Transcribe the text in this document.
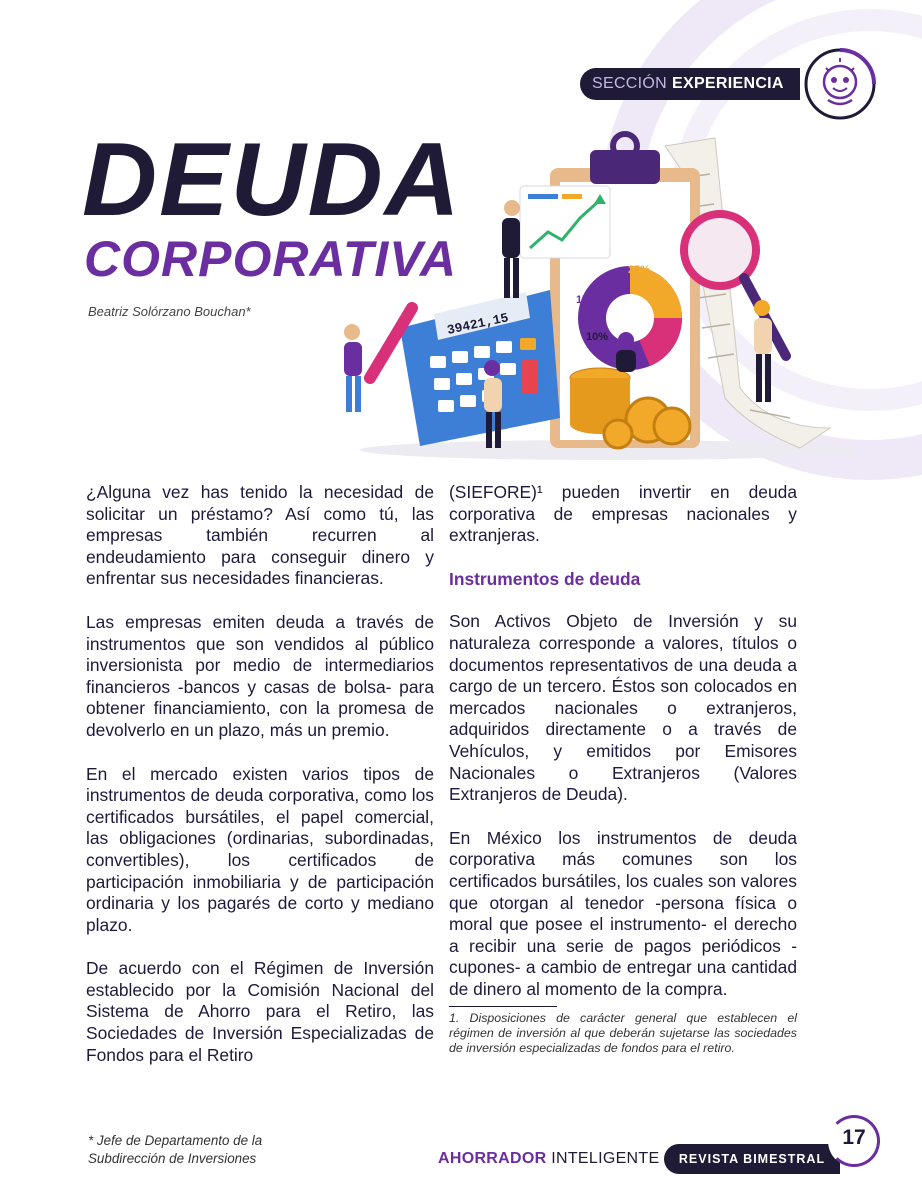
SECCIÓN EXPERIENCIA
DEUDA
CORPORATIVA
Beatriz Solórzano Bouchan*
17%
25%
10%
39421,15

¿Alguna vez has tenido la necesidad de solicitar un préstamo? Así como tú, las empresas también recurren al endeudamiento para conseguir dinero y enfrentar sus necesidades financieras.

Las empresas emiten deuda a través de instrumentos que son vendidos al público inversionista por medio de intermediarios financieros -bancos y casas de bolsa- para obtener financiamiento, con la promesa de devolverlo en un plazo, más un premio.

En el mercado existen varios tipos de instrumentos de deuda corporativa, como los certificados bursátiles, el papel comercial, las obligaciones (ordinarias, subordinadas, convertibles), los certificados de participación inmobiliaria y de participación ordinaria y los pagarés de corto y mediano plazo.

De acuerdo con el Régimen de Inversión establecido por la Comisión Nacional del Sistema de Ahorro para el Retiro, las Sociedades de Inversión Especializadas de Fondos para el Retiro

(SIEFORE)¹ pueden invertir en deuda corporativa de empresas nacionales y extranjeras.

Instrumentos de deuda

Son Activos Objeto de Inversión y su naturaleza corresponde a valores, títulos o documentos representativos de una deuda a cargo de un tercero. Éstos son colocados en mercados nacionales o extranjeros, adquiridos directamente o a través de Vehículos, y emitidos por Emisores Nacionales o Extranjeros (Valores Extranjeros de Deuda).

En México los instrumentos de deuda corporativa más comunes son los certificados bursátiles, los cuales son valores que otorgan al tenedor -persona física o moral que posee el instrumento- el derecho a recibir una serie de pagos periódicos -cupones- a cambio de entregar una cantidad de dinero al momento de la compra.

1. Disposiciones de carácter general que establecen el régimen de inversión al que deberán sujetarse las sociedades de inversión especializadas de fondos para el retiro.
* Jefe de Departamento de la
Subdirección de Inversiones	AHORRADOR INTELIGENTE	REVISTA BIMESTRAL
17
